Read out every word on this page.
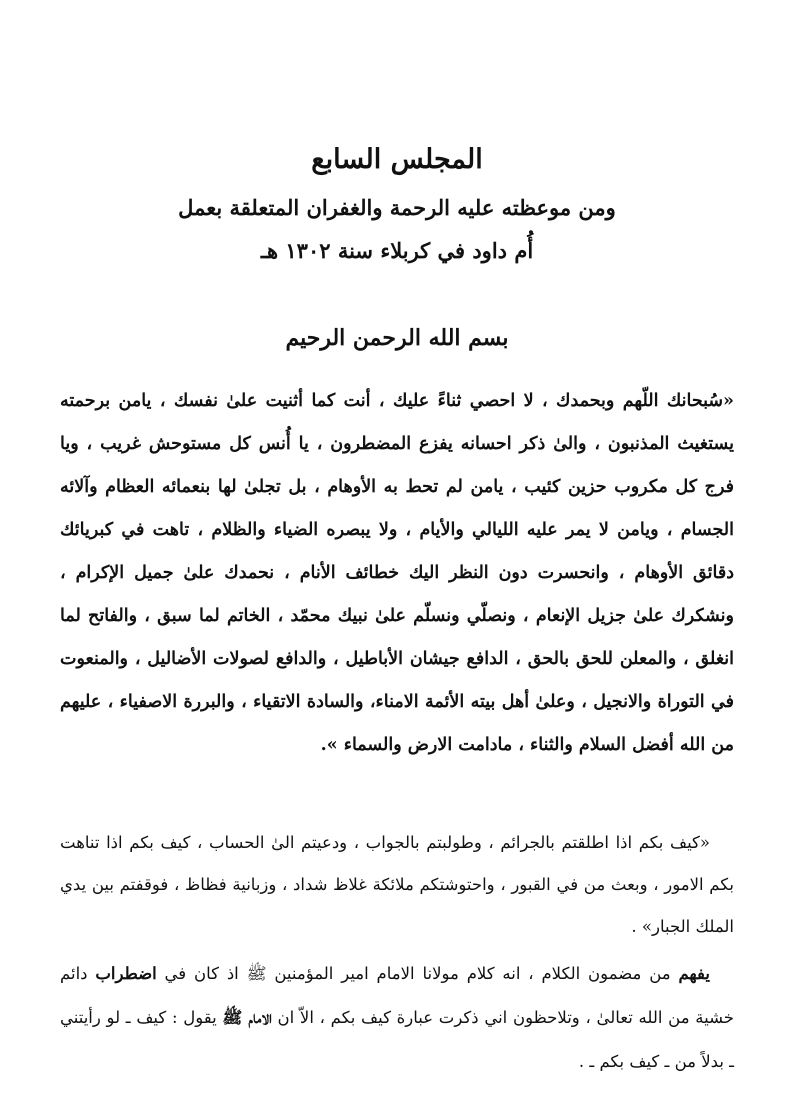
المجلس السابع
ومن موعظته عليه الرحمة والغفران المتعلقة بعمل
أُم داود في كربلاء سنة ١٣٠٢ هـ
بسم الله الرحمن الرحيم
«سُبحانك اللّهم وبحمدك ، لا احصي ثناءً عليك ، أنت كما أثنيت علىٰ نفسك ، يامن برحمته يستغيث المذنبون ، والىٰ ذكر احسانه يفزع المضطرون ، يا أُنس كل مستوحش غريب ، ويا فرج كل مكروب حزين كئيب ، يامن لم تحط به الأوهام ، بل تجلىٰ لها بنعمائه العظام وآلائه الجسام ، ويامن لا يمر عليه الليالي والأيام ، ولا يبصره الضياء والظلام ، تاهت في كبريائك دقائق الأوهام ، وانحسرت دون النظر اليك خطائف الأنام ، نحمدك علىٰ جميل الإكرام ، ونشكرك علىٰ جزيل الإنعام ، ونصلّي ونسلّم علىٰ نبيك محمّد ، الخاتم لما سبق ، والفاتح لما انغلق ، والمعلن للحق بالحق ، الدافع جيشان الأباطيل ، والدافع لصولات الأضاليل ، والمنعوت في التوراة والانجيل ، وعلىٰ أهل بيته الأئمة الامناء، والسادة الاتقياء ، والبررة الاصفياء ، عليهم من الله أفضل السلام والثناء ، مادامت الارض والسماء ».
«كيف بكم اذا اطلقتم بالجرائم ، وطولبتم بالجواب ، ودعيتم الىٰ الحساب ، كيف بكم اذا تناهت بكم الامور ، وبعث من في القبور ، واحتوشتكم ملائكة غلاظ شداد ، وزبانية فظاظ ، فوقفتم بين يدي الملك الجبار» .
يفهم من مضمون الكلام ، انه كلام مولانا الامام امير المؤمنين ﷺ اذ كان في اضطراب دائم خشية من الله تعالىٰ ، وتلاحظون اني ذكرت عبارة كيف بكم ، الاّ ان الامام ﷺ يقول : كيف ـ لو رأيتني ـ بدلاً من ـ كيف بكم ـ .
